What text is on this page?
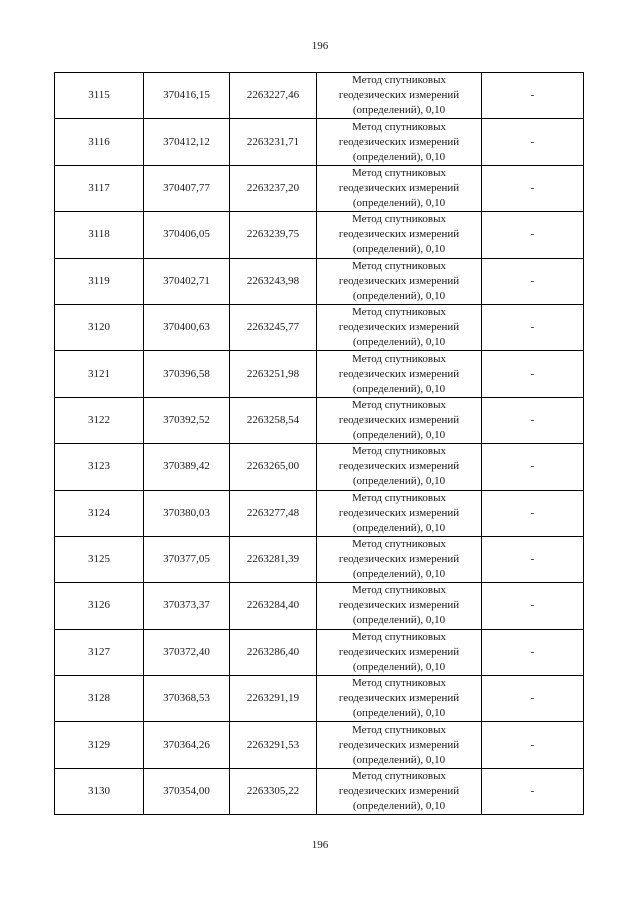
196
3115	370416,15	2263227,46	Метод спутниковых
геодезических измерений
(определений), 0,10	-
3116	370412,12	2263231,71	Метод спутниковых
геодезических измерений
(определений), 0,10	-
3117	370407,77	2263237,20	Метод спутниковых
геодезических измерений
(определений), 0,10	-
3118	370406,05	2263239,75	Метод спутниковых
геодезических измерений
(определений), 0,10	-
3119	370402,71	2263243,98	Метод спутниковых
геодезических измерений
(определений), 0,10	-
3120	370400,63	2263245,77	Метод спутниковых
геодезических измерений
(определений), 0,10	-
3121	370396,58	2263251,98	Метод спутниковых
геодезических измерений
(определений), 0,10	-
3122	370392,52	2263258,54	Метод спутниковых
геодезических измерений
(определений), 0,10	-
3123	370389,42	2263265,00	Метод спутниковых
геодезических измерений
(определений), 0,10	-
3124	370380,03	2263277,48	Метод спутниковых
геодезических измерений
(определений), 0,10	-
3125	370377,05	2263281,39	Метод спутниковых
геодезических измерений
(определений), 0,10	-
3126	370373,37	2263284,40	Метод спутниковых
геодезических измерений
(определений), 0,10	-
3127	370372,40	2263286,40	Метод спутниковых
геодезических измерений
(определений), 0,10	-
3128	370368,53	2263291,19	Метод спутниковых
геодезических измерений
(определений), 0,10	-
3129	370364,26	2263291,53	Метод спутниковых
геодезических измерений
(определений), 0,10	-
3130	370354,00	2263305,22	Метод спутниковых
геодезических измерений
(определений), 0,10	-
196
